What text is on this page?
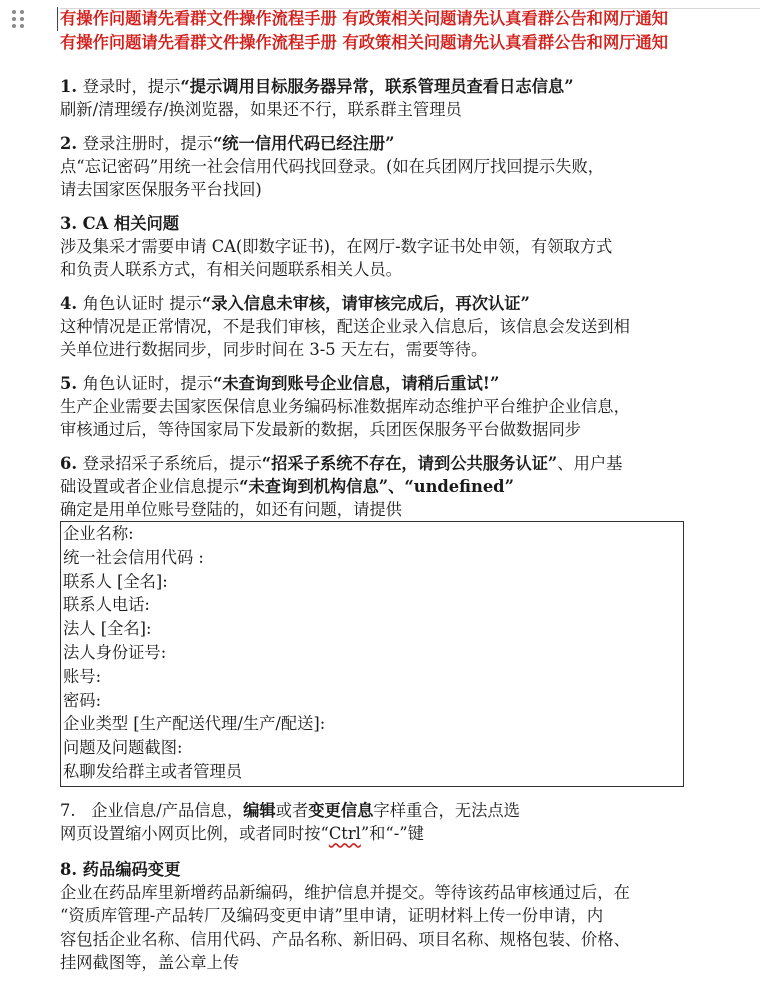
有操作问题请先看群文件操作流程手册 有政策相关问题请先认真看群公告和网厅通知

有操作问题请先看群文件操作流程手册 有政策相关问题请先认真看群公告和网厅通知

1. 登录时，提示“提示调用目标服务器异常，联系管理员查看日志信息”

刷新/清理缓存/换浏览器，如果还不行，联系群主管理员

2. 登录注册时，提示“统一信用代码已经注册”

点“忘记密码”用统一社会信用代码找回登录。(如在兵团网厅找回提示失败，

请去国家医保服务平台找回)

3. CA 相关问题

涉及集采才需要申请 CA(即数字证书)，在网厅-数字证书处申领，有领取方式

和负责人联系方式，有相关问题联系相关人员。

4. 角色认证时 提示“录入信息未审核，请审核完成后，再次认证”

这种情况是正常情况，不是我们审核，配送企业录入信息后，该信息会发送到相

关单位进行数据同步，同步时间在 3-5 天左右，需要等待。

5. 角色认证时，提示“未查询到账号企业信息，请稍后重试!”

生产企业需要去国家医保信息业务编码标准数据库动态维护平台维护企业信息，

审核通过后，等待国家局下发最新的数据，兵团医保服务平台做数据同步

6. 登录招采子系统后，提示“招采子系统不存在，请到公共服务认证”、用户基

础设置或者企业信息提示“未查询到机构信息”、“undefined”

确定是用单位账号登陆的，如还有问题，请提供

企业名称:

统一社会信用代码 :

联系人 [全名]:

联系人电话:

法人 [全名]:

法人身份证号:

账号:

密码:

企业类型 [生产配送代理/生产/配送]:

问题及问题截图:

私聊发给群主或者管理员

7. 企业信息/产品信息，编辑或者变更信息字样重合，无法点选

网页设置缩小网页比例，或者同时按“Ctrl”和“-”键

8. 药品编码变更

企业在药品库里新增药品新编码，维护信息并提交。等待该药品审核通过后，在

“资质库管理-产品转厂及编码变更申请”里申请，证明材料上传一份申请，内

容包括企业名称、信用代码、产品名称、新旧码、项目名称、规格包装、价格、

挂网截图等，盖公章上传
